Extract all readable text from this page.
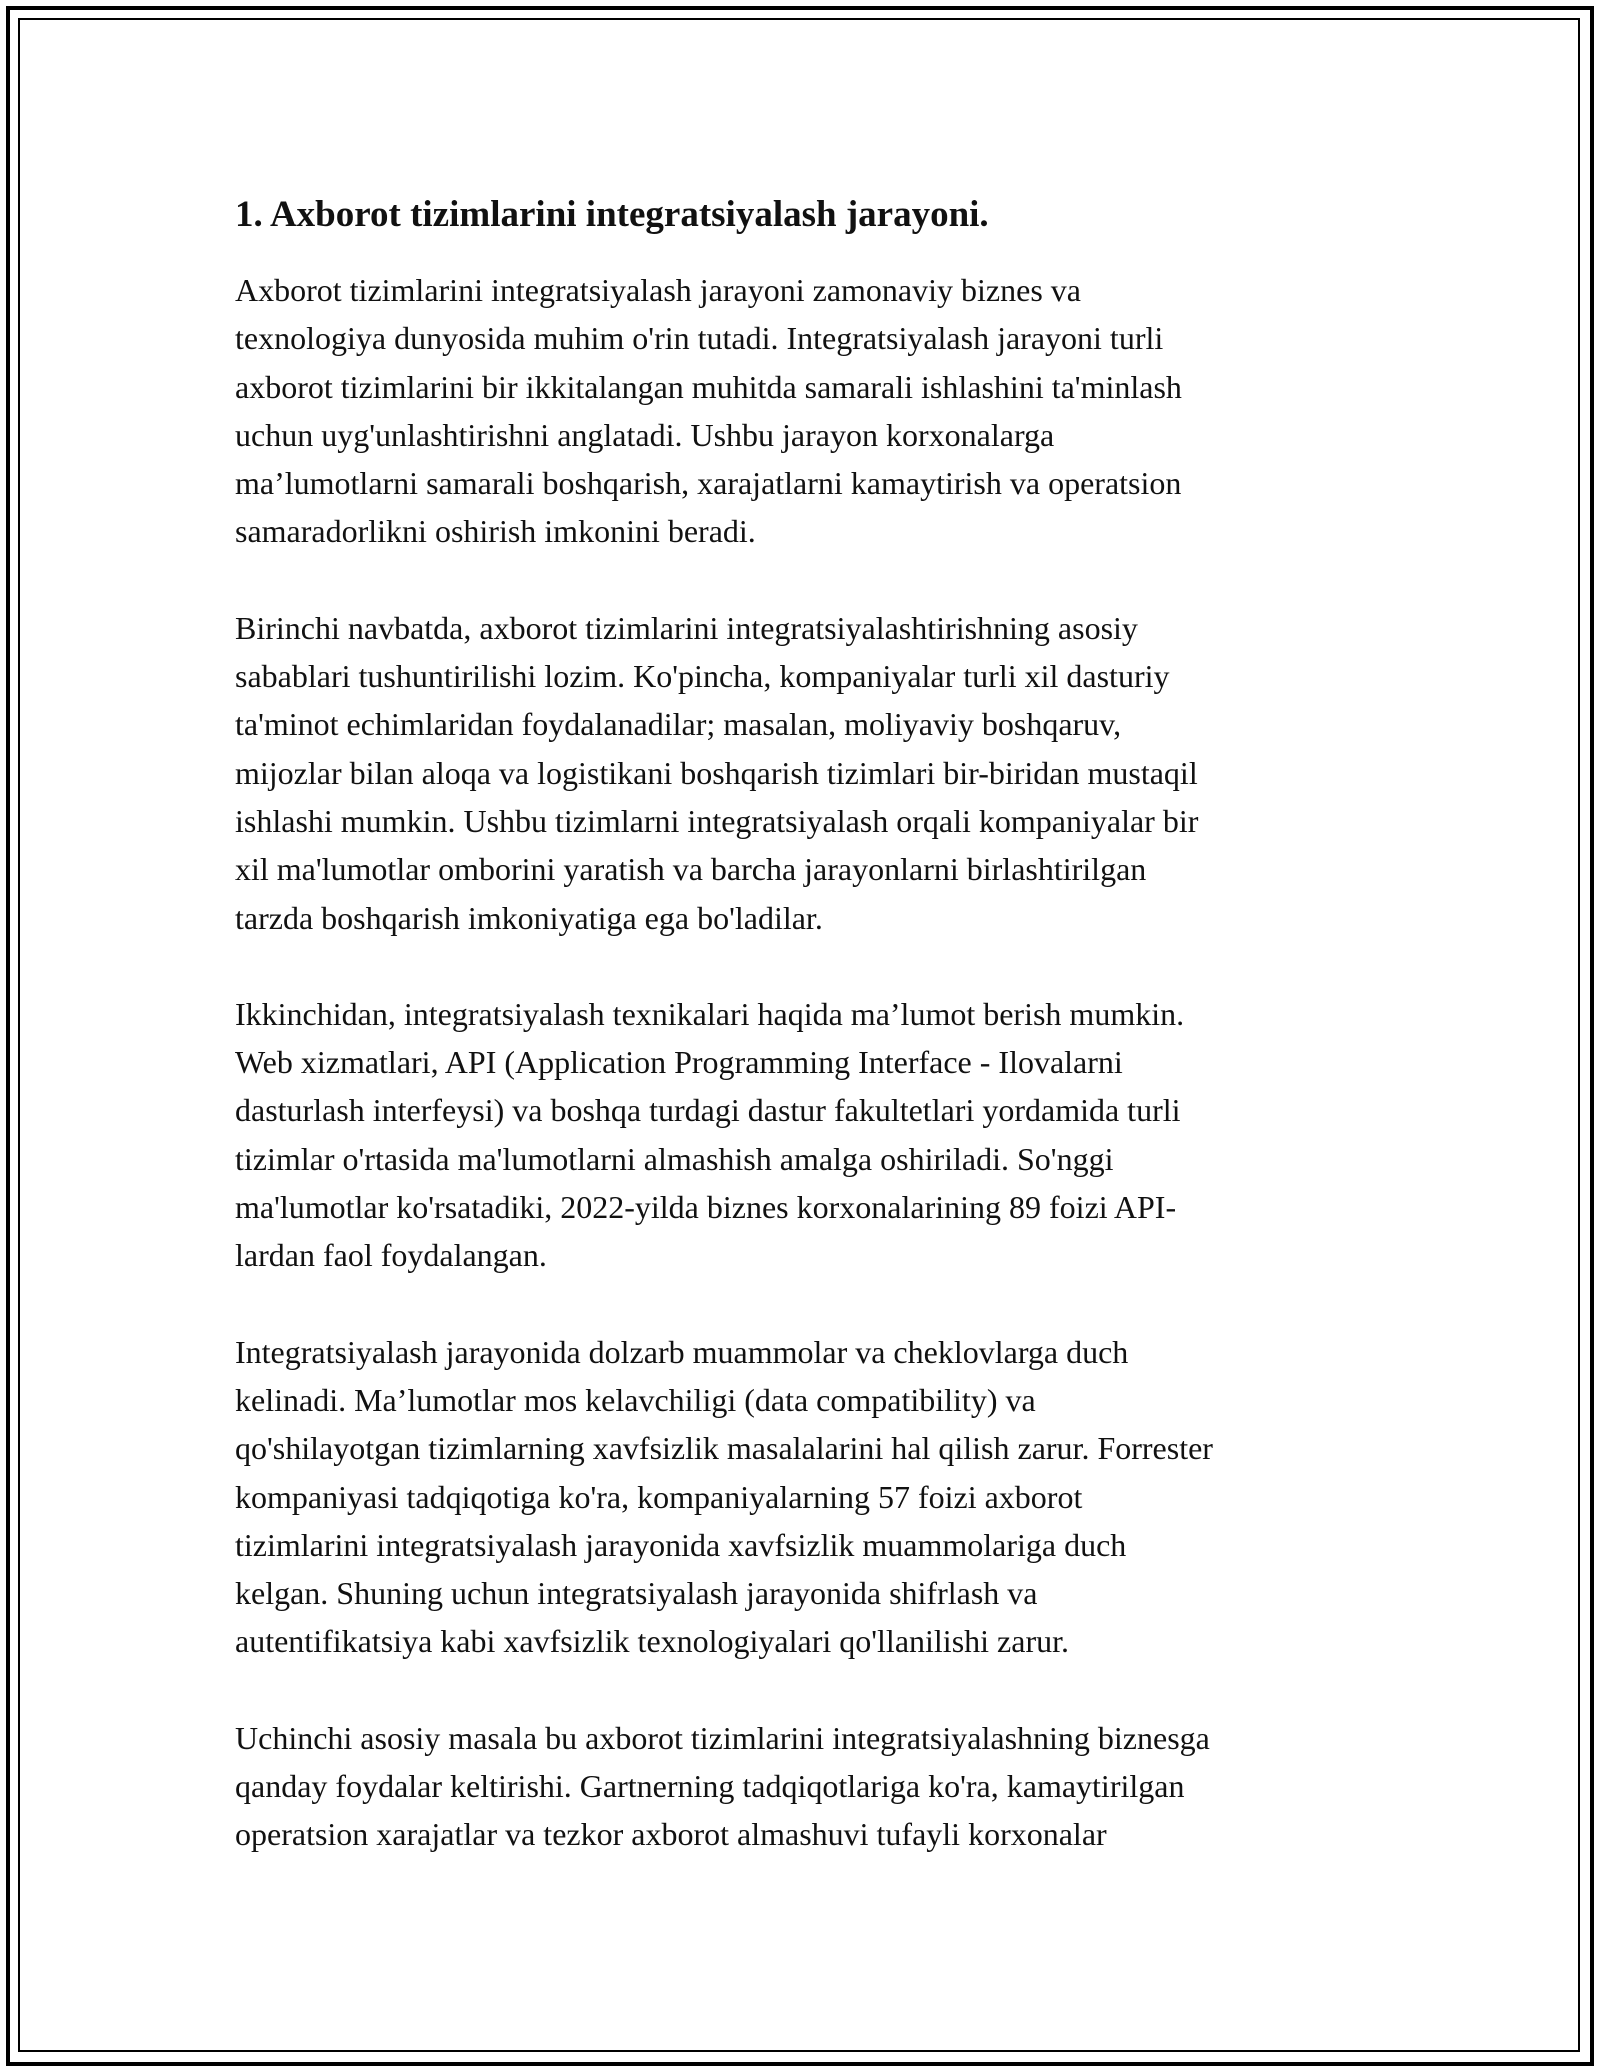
1. Axborot tizimlarini integratsiyalash jarayoni.

Axborot tizimlarini integratsiyalash jarayoni zamonaviy biznes va
texnologiya dunyosida muhim o'rin tutadi. Integratsiyalash jarayoni turli
axborot tizimlarini bir ikkitalangan muhitda samarali ishlashini ta'minlash
uchun uyg'unlashtirishni anglatadi. Ushbu jarayon korxonalarga
ma’lumotlarni samarali boshqarish, xarajatlarni kamaytirish va operatsion
samaradorlikni oshirish imkonini beradi.

Birinchi navbatda, axborot tizimlarini integratsiyalashtirishning asosiy
sabablari tushuntirilishi lozim. Ko'pincha, kompaniyalar turli xil dasturiy
ta'minot echimlaridan foydalanadilar; masalan, moliyaviy boshqaruv,
mijozlar bilan aloqa va logistikani boshqarish tizimlari bir-biridan mustaqil
ishlashi mumkin. Ushbu tizimlarni integratsiyalash orqali kompaniyalar bir
xil ma'lumotlar omborini yaratish va barcha jarayonlarni birlashtirilgan
tarzda boshqarish imkoniyatiga ega bo'ladilar.

Ikkinchidan, integratsiyalash texnikalari haqida ma’lumot berish mumkin.
Web xizmatlari, API (Application Programming Interface - Ilovalarni
dasturlash interfeysi) va boshqa turdagi dastur fakultetlari yordamida turli
tizimlar o'rtasida ma'lumotlarni almashish amalga oshiriladi. So'nggi
ma'lumotlar ko'rsatadiki, 2022-yilda biznes korxonalarining 89 foizi API-
lardan faol foydalangan.

Integratsiyalash jarayonida dolzarb muammolar va cheklovlarga duch
kelinadi. Ma’lumotlar mos kelavchiligi (data compatibility) va
qo'shilayotgan tizimlarning xavfsizlik masalalarini hal qilish zarur. Forrester
kompaniyasi tadqiqotiga ko'ra, kompaniyalarning 57 foizi axborot
tizimlarini integratsiyalash jarayonida xavfsizlik muammolariga duch
kelgan. Shuning uchun integratsiyalash jarayonida shifrlash va
autentifikatsiya kabi xavfsizlik texnologiyalari qo'llanilishi zarur.

Uchinchi asosiy masala bu axborot tizimlarini integratsiyalashning biznesga
qanday foydalar keltirishi. Gartnerning tadqiqotlariga ko'ra, kamaytirilgan
operatsion xarajatlar va tezkor axborot almashuvi tufayli korxonalar
